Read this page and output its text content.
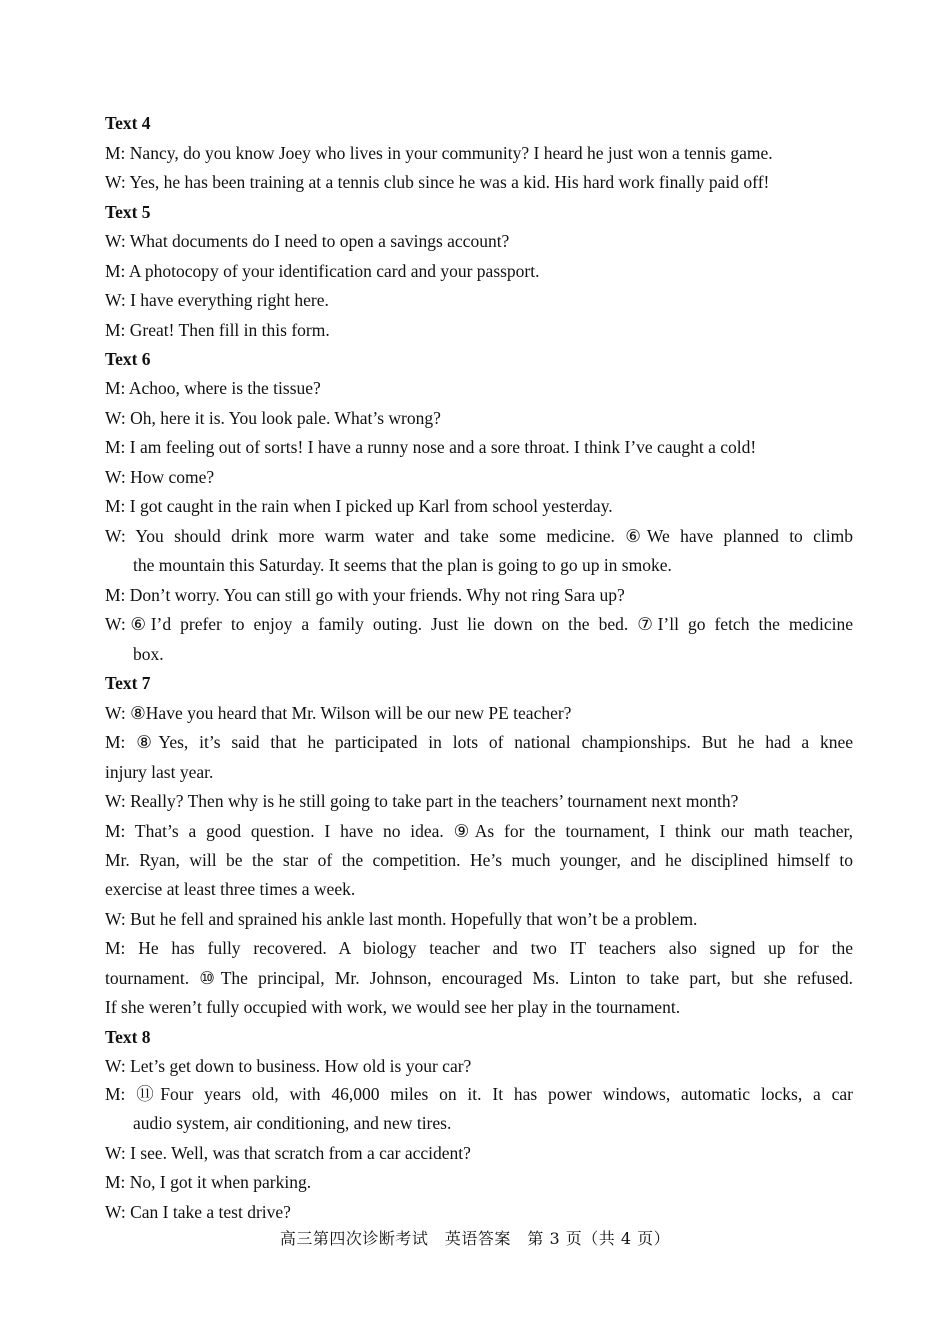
Text 4
M: Nancy, do you know Joey who lives in your community? I heard he just won a tennis game.
W: Yes, he has been training at a tennis club since he was a kid. His hard work finally paid off!
Text 5
W: What documents do I need to open a savings account?
M: A photocopy of your identification card and your passport.
W: I have everything right here.
M: Great! Then fill in this form.
Text 6
M: Achoo, where is the tissue?
W: Oh, here it is. You look pale. What’s wrong?
M: I am feeling out of sorts! I have a runny nose and a sore throat. I think I’ve caught a cold!
W: How come?
M: I got caught in the rain when I picked up Karl from school yesterday.
W: You should drink more warm water and take some medicine. ⑥We have planned to climb
the mountain this Saturday. It seems that the plan is going to go up in smoke.
M: Don’t worry. You can still go with your friends. Why not ring Sara up?
W:⑥I’d prefer to enjoy a family outing. Just lie down on the bed. ⑦I’ll go fetch the medicine
box.
Text 7
W: ⑧Have you heard that Mr. Wilson will be our new PE teacher?
M: ⑧Yes, it’s said that he participated in lots of national championships. But he had a knee
injury last year.
W: Really? Then why is he still going to take part in the teachers’ tournament next month?
M: That’s a good question. I have no idea. ⑨As for the tournament, I think our math teacher,
Mr. Ryan, will be the star of the competition. He’s much younger, and he disciplined himself to
exercise at least three times a week.
W: But he fell and sprained his ankle last month. Hopefully that won’t be a problem.
M: He has fully recovered. A biology teacher and two IT teachers also signed up for the
tournament. ⑩The principal, Mr. Johnson, encouraged Ms. Linton to take part, but she refused.
If she weren’t fully occupied with work, we would see her play in the tournament.
Text 8
W: Let’s get down to business. How old is your car?
M: ⑪Four years old, with 46,000 miles on it. It has power windows, automatic locks, a car
audio system, air conditioning, and new tires.
W: I see. Well, was that scratch from a car accident?
M: No, I got it when parking.
W: Can I take a test drive?
高三第四次诊断考试　英语答案　第 3 页（共 4 页）
